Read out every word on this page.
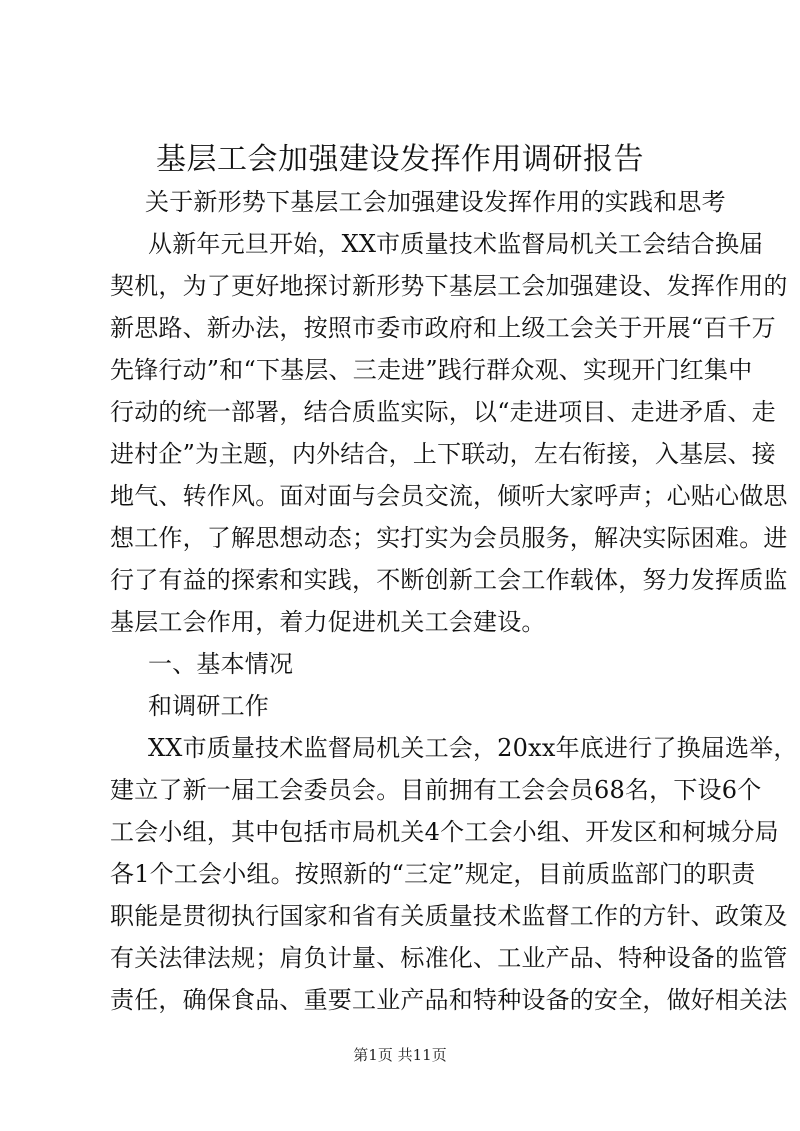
基层工会加强建设发挥作用调研报告
关于新形势下基层工会加强建设发挥作用的实践和思考
从新年元旦开始，XX市质量技术监督局机关工会结合换届
契机，为了更好地探讨新形势下基层工会加强建设、发挥作用的
新思路、新办法，按照市委市政府和上级工会关于开展“百千万
先锋行动”和“下基层、三走进”践行群众观、实现开门红集中
行动的统一部署，结合质监实际，以“走进项目、走进矛盾、走
进村企”为主题，内外结合，上下联动，左右衔接，入基层、接
地气、转作风。面对面与会员交流，倾听大家呼声；心贴心做思
想工作，了解思想动态；实打实为会员服务，解决实际困难。进
行了有益的探索和实践，不断创新工会工作载体，努力发挥质监
基层工会作用，着力促进机关工会建设。
一、基本情况
和调研工作
XX市质量技术监督局机关工会，20xx年底进行了换届选举，
建立了新一届工会委员会。目前拥有工会会员68名，下设6个
工会小组，其中包括市局机关4个工会小组、开发区和柯城分局
各1个工会小组。按照新的“三定”规定，目前质监部门的职责
职能是贯彻执行国家和省有关质量技术监督工作的方针、政策及
有关法律法规；肩负计量、标准化、工业产品、特种设备的监管
责任，确保食品、重要工业产品和特种设备的安全，做好相关法
第1页 共11页
